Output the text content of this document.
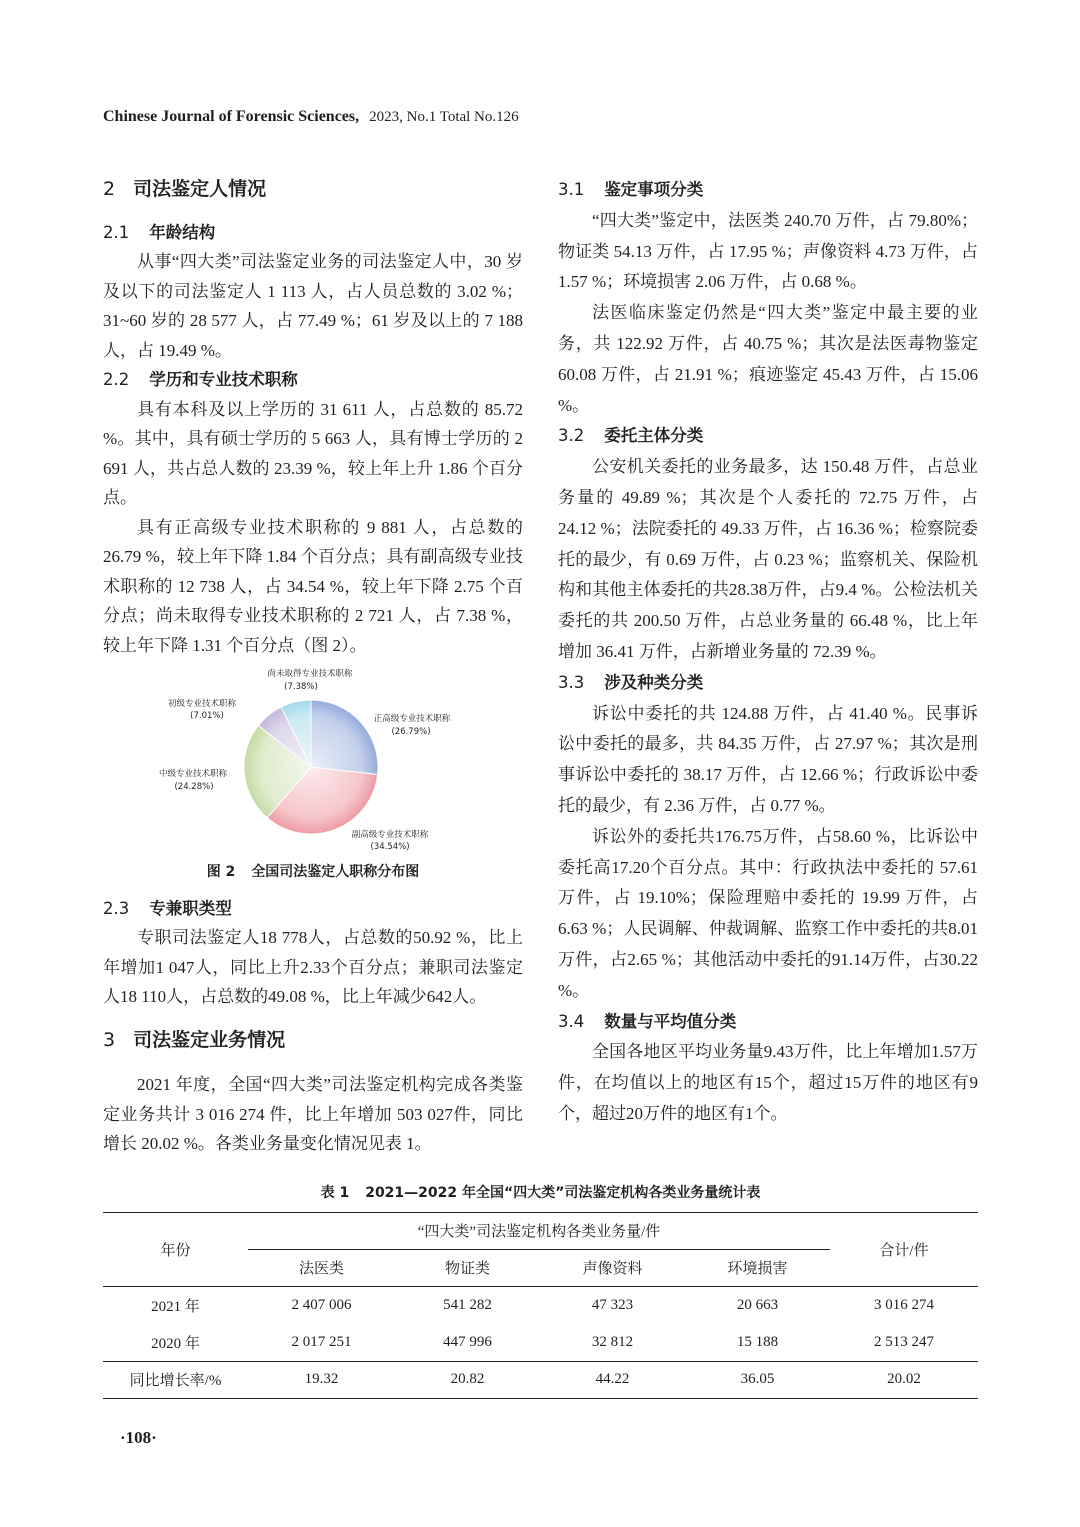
Chinese Journal of Forensic Sciences, 2023, No.1 Total No.126
2 司法鉴定人情况
2.1 年龄结构

从事“四大类”司法鉴定业务的司法鉴定人中，30 岁及以下的司法鉴定人 1 113 人，占人员总数的 3.02 %；31~60 岁的 28 577 人，占 77.49 %；61 岁及以上的 7 188 人，占 19.49 %。

2.2 学历和专业技术职称

具有本科及以上学历的 31 611 人，占总数的 85.72 %。其中，具有硕士学历的 5 663 人，具有博士学历的 2 691 人，共占总人数的 23.39 %，较上年上升 1.86 个百分点。

具有正高级专业技术职称的 9 881 人，占总数的 26.79 %，较上年下降 1.84 个百分点；具有副高级专业技术职称的 12 738 人，占 34.54 %，较上年下降 2.75 个百分点；尚未取得专业技术职称的 2 721 人，占 7.38 %，较上年下降 1.31 个百分点（图 2）。

正高级专业技术职称
(26.79%)
副高级专业技术职称
(34.54%)
中级专业技术职称
(24.28%)
初级专业技术职称
(7.01%)
尚未取得专业技术职称
(7.38%)
图 2 全国司法鉴定人职称分布图
2.3 专兼职类型

专职司法鉴定人18 778人，占总数的50.92 %，比上年增加1 047人，同比上升2.33个百分点；兼职司法鉴定人18 110人，占总数的49.08 %，比上年减少642人。

3 司法鉴定业务情况

2021 年度，全国“四大类”司法鉴定机构完成各类鉴定业务共计 3 016 274 件，比上年增加 503 027件，同比增长 20.02 %。各类业务量变化情况见表 1。

3.1 鉴定事项分类

“四大类”鉴定中，法医类 240.70 万件，占 79.80%；物证类 54.13 万件，占 17.95 %；声像资料 4.73 万件，占 1.57 %；环境损害 2.06 万件，占 0.68 %。

法医临床鉴定仍然是“四大类”鉴定中最主要的业务，共 122.92 万件，占 40.75 %；其次是法医毒物鉴定 60.08 万件，占 21.91 %；痕迹鉴定 45.43 万件，占 15.06 %。

3.2 委托主体分类

公安机关委托的业务最多，达 150.48 万件，占总业务量的 49.89 %；其次是个人委托的 72.75 万件，占 24.12 %；法院委托的 49.33 万件，占 16.36 %；检察院委托的最少，有 0.69 万件，占 0.23 %；监察机关、保险机构和其他主体委托的共28.38万件，占9.4 %。公检法机关委托的共 200.50 万件，占总业务量的 66.48 %，比上年增加 36.41 万件，占新增业务量的 72.39 %。

3.3 涉及种类分类

诉讼中委托的共 124.88 万件，占 41.40 %。民事诉讼中委托的最多，共 84.35 万件，占 27.97 %；其次是刑事诉讼中委托的 38.17 万件，占 12.66 %；行政诉讼中委托的最少，有 2.36 万件，占 0.77 %。

诉讼外的委托共176.75万件，占58.60 %，比诉讼中委托高17.20个百分点。其中：行政执法中委托的 57.61万件，占 19.10%；保险理赔中委托的 19.99 万件，占 6.63 %；人民调解、仲裁调解、监察工作中委托的共8.01万件，占2.65 %；其他活动中委托的91.14万件，占30.22 %。

3.4 数量与平均值分类

全国各地区平均业务量9.43万件，比上年增加1.57万件，在均值以上的地区有15个，超过15万件的地区有9个，超过20万件的地区有1个。

表 1 2021—2022 年全国“四大类”司法鉴定机构各类业务量统计表
年份	“四大类”司法鉴定机构各类业务量/件				合计/件
	法医类	物证类	声像资料	环境损害	
2021 年	2 407 006	541 282	47 323	20 663	3 016 274
2020 年	2 017 251	447 996	32 812	15 188	2 513 247
同比增长率/%	19.32	20.82	44.22	36.05	20.02
·108·
